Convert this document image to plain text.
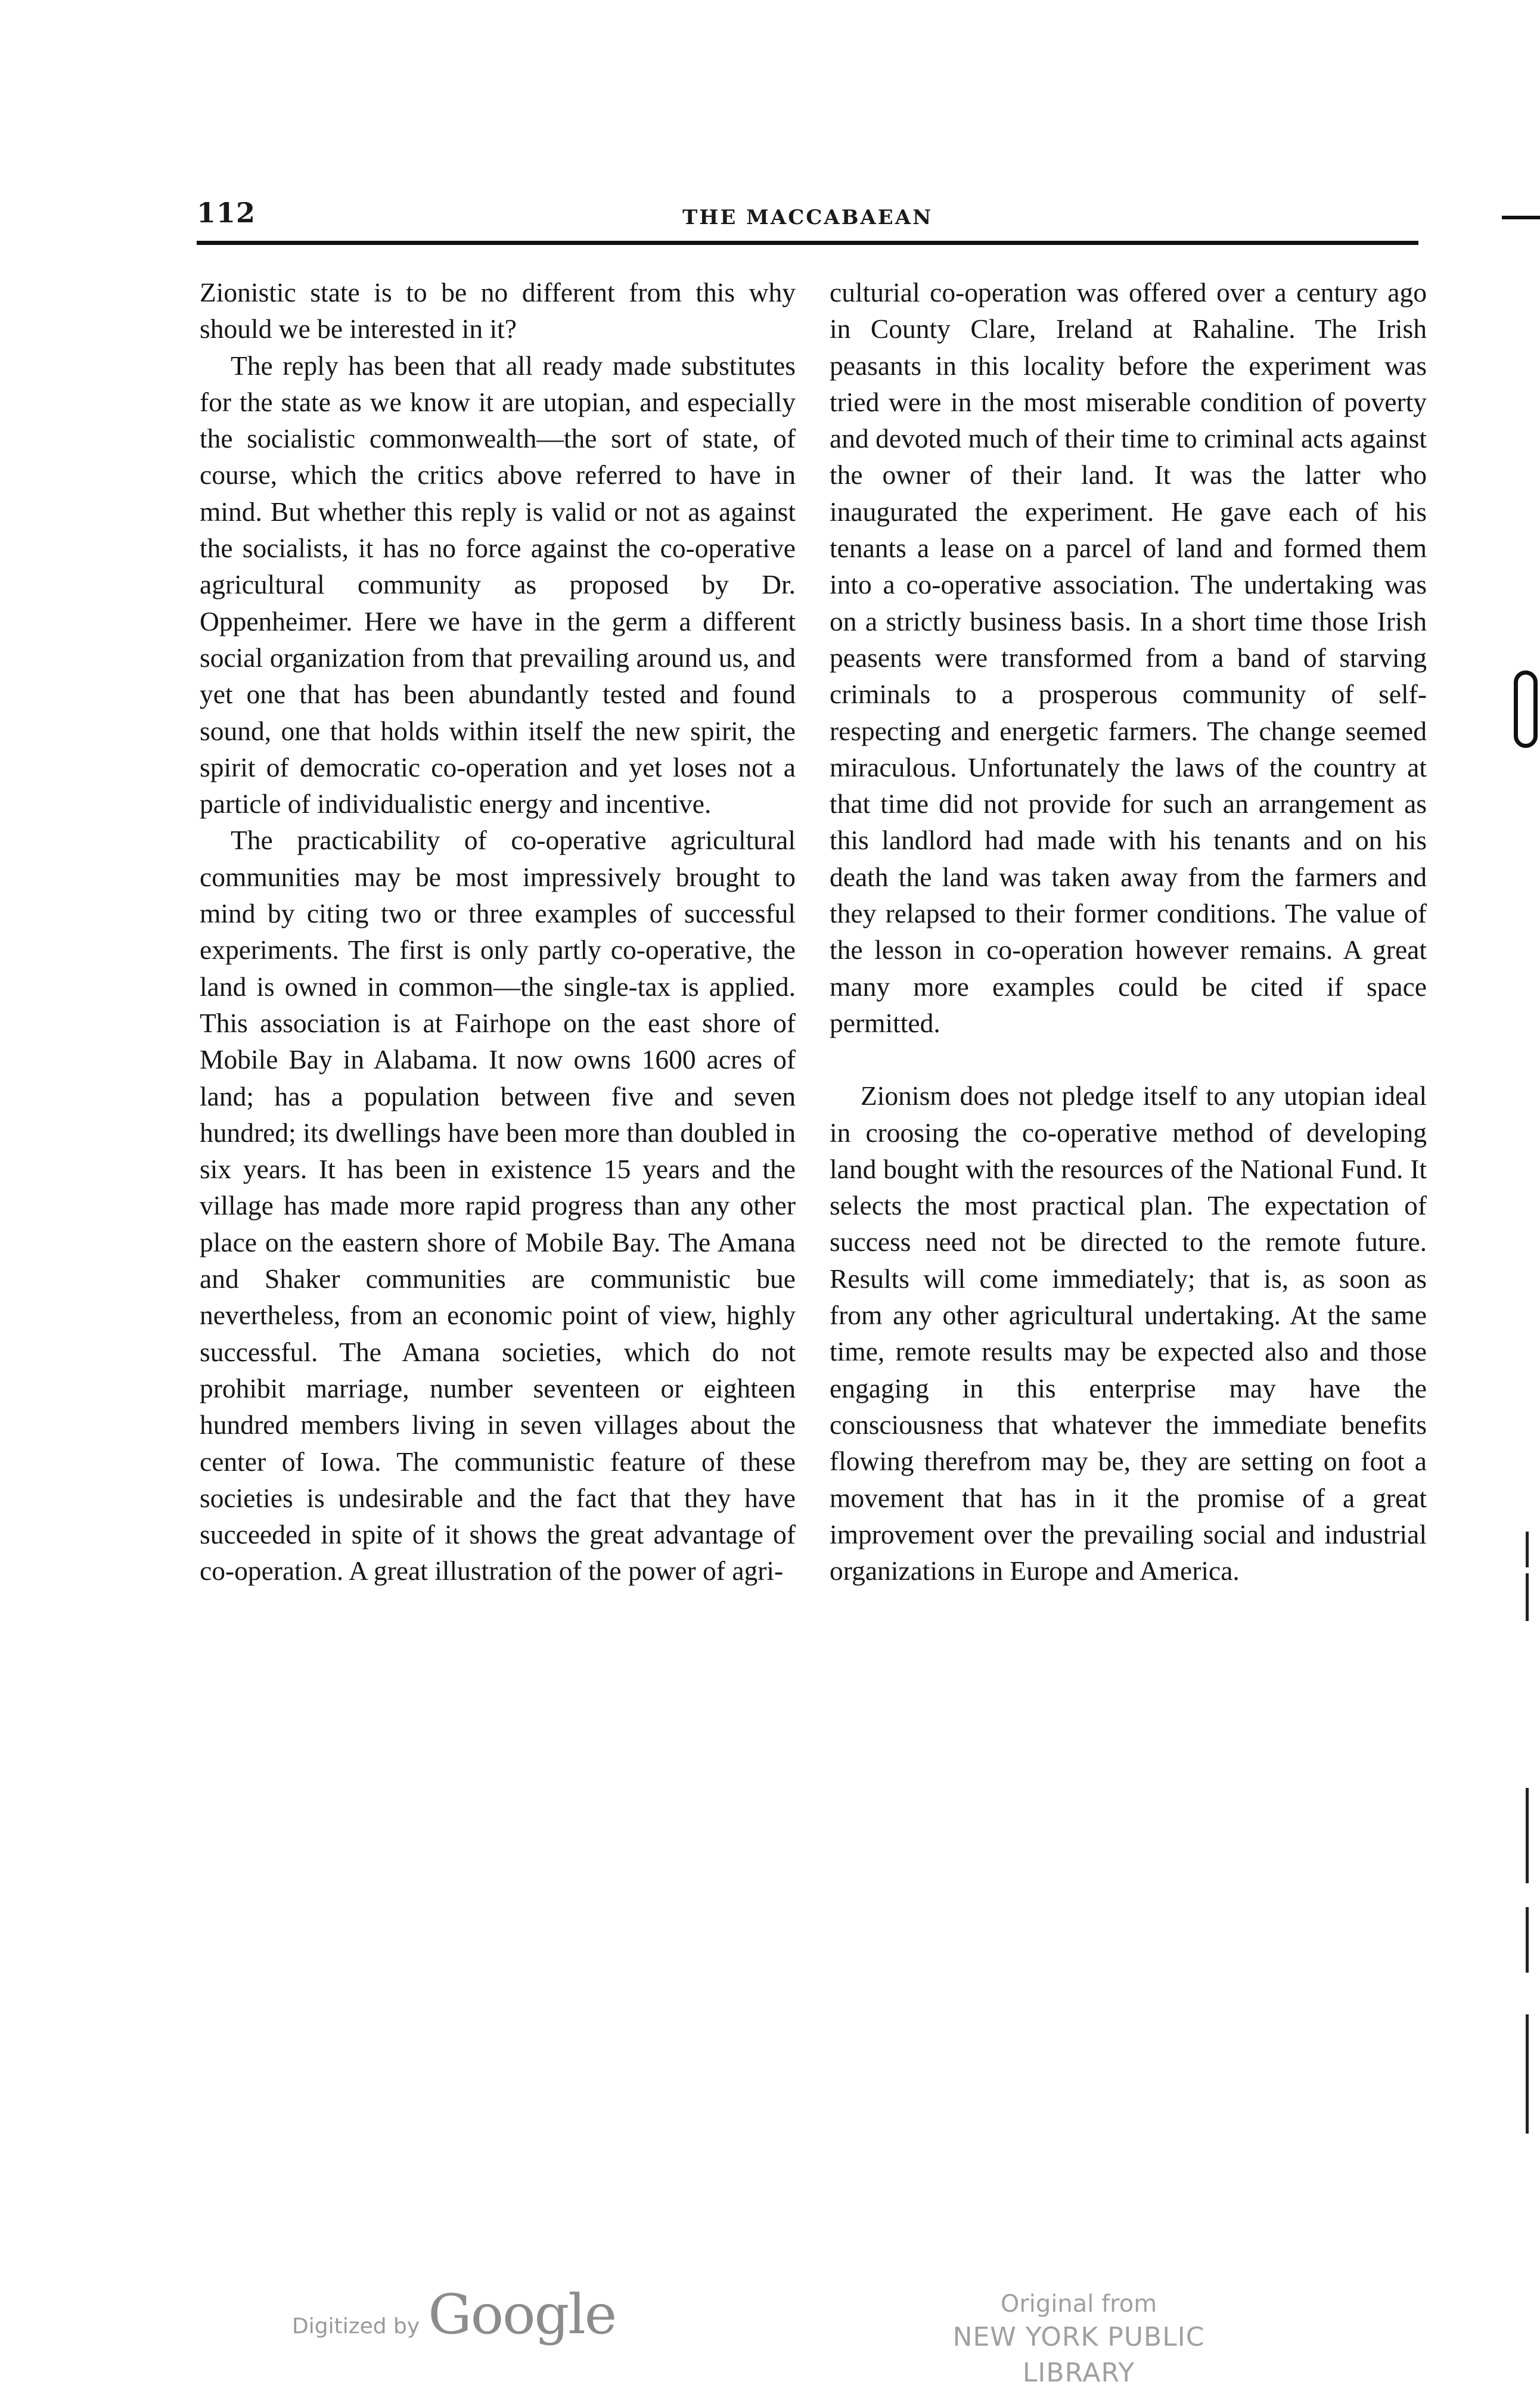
112	THE MACCABAEAN

Zionistic state is to be no different from this why should we be interested in it?

The reply has been that all ready made substitutes for the state as we know it are utopian, and especially the socialistic commonwealth—the sort of state, of course, which the critics above referred to have in mind. But whether this reply is valid or not as against the socialists, it has no force against the co-operative agricultural community as proposed by Dr. Oppenheimer. Here we have in the germ a different social organization from that prevailing around us, and yet one that has been abundantly tested and found sound, one that holds within itself the new spirit, the spirit of democratic co-operation and yet loses not a particle of individualistic energy and incentive.

The practicability of co-operative agricultural communities may be most impressively brought to mind by citing two or three examples of successful experiments. The first is only partly co-operative, the land is owned in common—the single-tax is applied. This association is at Fairhope on the east shore of Mobile Bay in Alabama. It now owns 1600 acres of land; has a population between five and seven hundred; its dwellings have been more than doubled in six years. It has been in existence 15 years and the village has made more rapid progress than any other place on the eastern shore of Mobile Bay. The Amana and Shaker communities are communistic bue nevertheless, from an economic point of view, highly successful. The Amana societies, which do not prohibit marriage, number seventeen or eighteen hundred members living in seven villages about the center of Iowa. The communistic feature of these societies is undesirable and the fact that they have succeeded in spite of it shows the great advantage of co-operation. A great illustration of the power of agri-

culturial co-operation was offered over a century ago in County Clare, Ireland at Rahaline. The Irish peasants in this locality before the experiment was tried were in the most miserable condition of poverty and devoted much of their time to criminal acts against the owner of their land. It was the latter who inaugurated the experiment. He gave each of his tenants a lease on a parcel of land and formed them into a co-operative association. The undertaking was on a strictly business basis. In a short time those Irish peasents were transformed from a band of starving criminals to a prosperous community of self-respecting and energetic farmers. The change seemed miraculous. Unfortunately the laws of the country at that time did not provide for such an arrangement as this landlord had made with his tenants and on his death the land was taken away from the farmers and they relapsed to their former conditions. The value of the lesson in co-operation however remains. A great many more examples could be cited if space permitted.

Zionism does not pledge itself to any utopian ideal in croosing the co-operative method of developing land bought with the resources of the National Fund. It selects the most practical plan. The expectation of success need not be directed to the remote future. Results will come immediately; that is, as soon as from any other agricultural undertaking. At the same time, remote results may be expected also and those engaging in this enterprise may have the consciousness that whatever the immediate benefits flowing therefrom may be, they are setting on foot a movement that has in it the promise of a great improvement over the prevailing social and industrial organizations in Europe and America.

Digitized by Google	Original from
NEW YORK PUBLIC LIBRARY
